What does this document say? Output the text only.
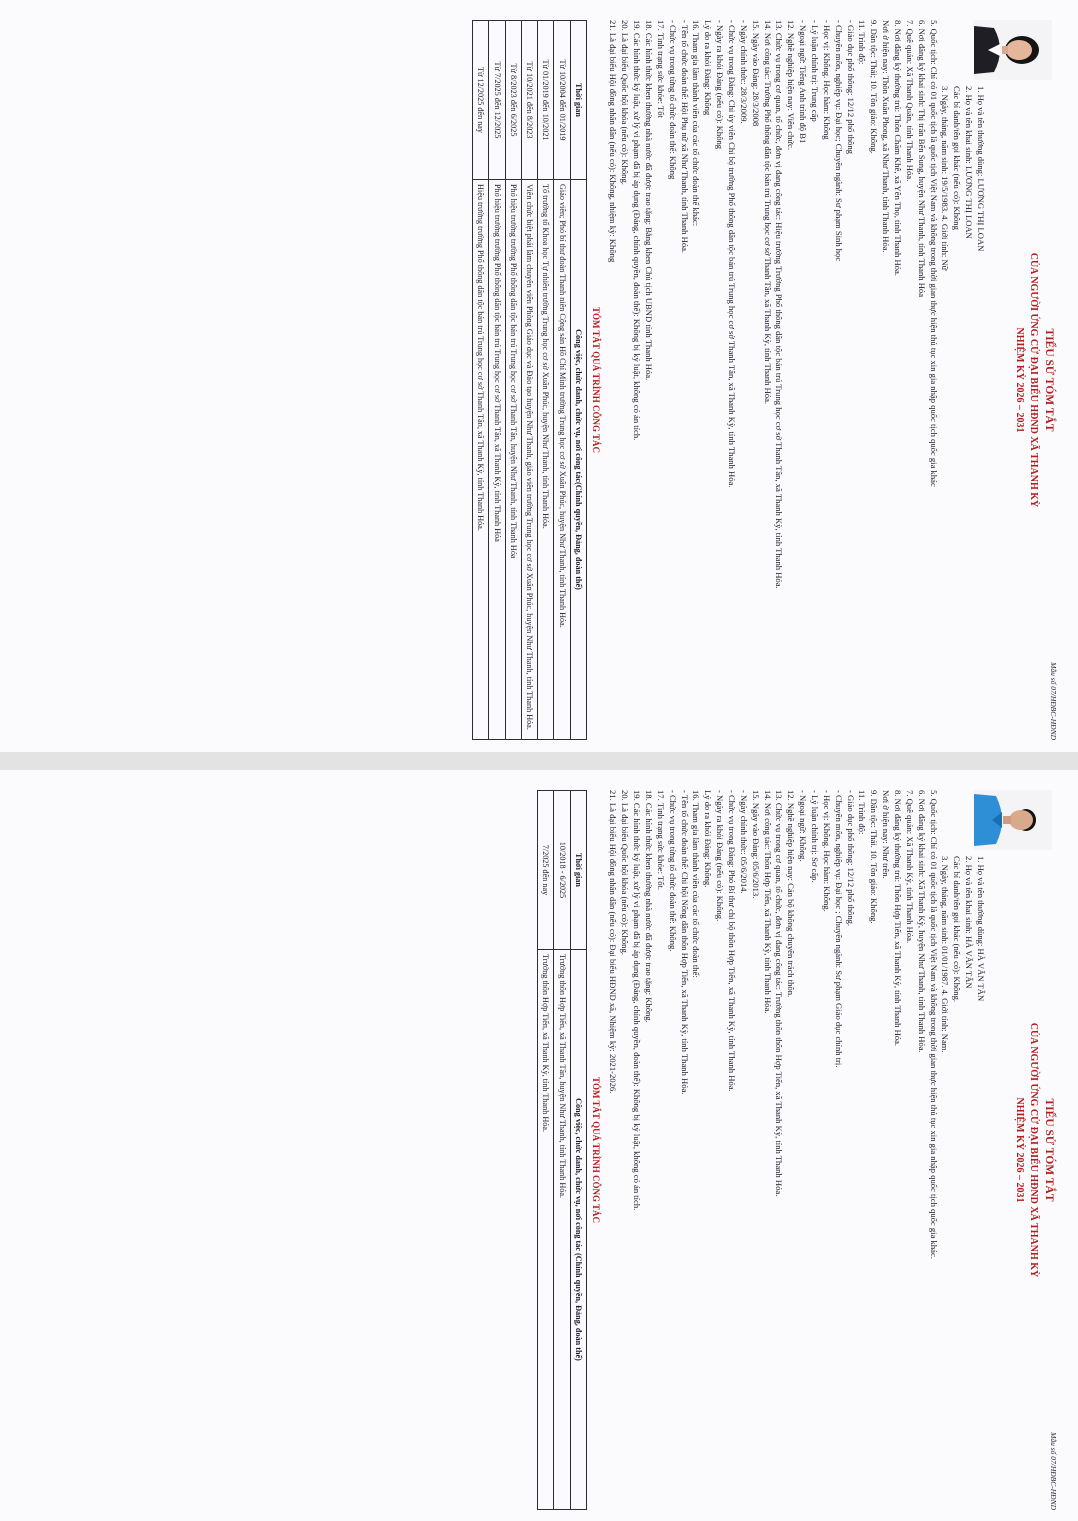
Mẫu số 07/HĐBC-HĐND
TIỂU SỬ TÓM TẮT
CỦA NGƯỜI ỨNG CỬ ĐẠI BIỂU HĐND XÃ THANH KỲ
NHIỆM KỲ 2026 – 2031
1. Họ và tên thường dùng: LƯƠNG THỊ LOAN
2. Họ và tên khai sinh: LƯƠNG THỊ LOAN
Các bí danh/tên gọi khác (nếu có): Không
3. Ngày, tháng, năm sinh: 19/5/1983. 4. Giới tính: Nữ
5. Quốc tịch: Chỉ có 01 quốc tịch là quốc tịch Việt Nam và không trong thời gian thực hiện thủ tục xin gia nhập quốc tịch quốc gia khác
6. Nơi đăng ký khai sinh: Thị trấn Bến Sung, huyện Như Thanh, tỉnh Thanh Hóa
7. Quê quán: Xã Thanh Quân, tỉnh Thanh Hóa.
8. Nơi đăng ký thường trú: Thôn Chăm Khê, xã Yên Thọ, tỉnh Thanh Hóa.
Nơi ở hiện nay: Thôn Xuân Phong, xã Như Thanh, tỉnh Thanh Hóa.
9. Dân tộc: Thái; 10. Tôn giáo: Không.
11. Trình độ:
- Giáo dục phổ thông: 12/12 phổ thông
- Chuyên môn, nghiệp vụ: Đại học; Chuyên ngành: Sư phạm Sinh học
- Học vị: Không. Học hàm: Không
- Lý luận chính trị: Trung cấp
- Ngoại ngữ: Tiếng Anh trình độ B1
12. Nghề nghiệp hiện nay: Viên chức.
13. Chức vụ trong cơ quan, tổ chức, đơn vị đang công tác: Hiệu trưởng Trường Phổ thông dân tộc bán trú Trung học cơ sở Thanh Tân, xã Thanh Kỳ, tỉnh Thanh Hóa.
14. Nơi công tác: Trường Phổ thông dân tộc bán trú Trung học cơ sở Thanh Tân, xã Thanh Kỳ, tỉnh Thanh Hóa.
15. Ngày vào Đảng: 28/3/2008
- Ngày chính thức: 28/3/2009.
- Chức vụ trong Đảng: Chi ủy viên Chi bộ trường Phổ thông dân tộc bán trú Trung học cơ sở Thanh Tân, xã Thanh Kỳ, tỉnh Thanh Hóa.
- Ngày ra khỏi Đảng (nếu có): Không
Lý do ra khỏi Đảng: Không
16. Tham gia làm thành viên của các tổ chức đoàn thể khác:
- Tên tổ chức đoàn thể: Hội Phụ nữ xã Như Thanh, tỉnh Thanh Hóa.
- Chức vụ trong từng tổ chức đoàn thể: Không
17. Tình trạng sức khỏe: Tốt
18. Các hình thức khen thưởng nhà nước đã được trao tặng: Bằng khen Chủ tịch UBND tỉnh Thanh Hóa.
19. Các hình thức kỷ luật, xử lý vi phạm đã bị áp dụng (Đảng, chính quyền, đoàn thể): Không bị kỷ luật, không có án tích.
20. Là đại biểu Quốc hội khóa (nếu có): Không.
21. Là đại biểu Hội đồng nhân dân (nếu có): Không, nhiệm kỳ: Không
TÓM TẮT QUÁ TRÌNH CÔNG TÁC
Thời gian	Công việc, chức danh, chức vụ, nơi công tác(Chính quyền, Đảng, đoàn thể)
Từ 10/2004 đến 01/2019	Giáo viên; Phó bí thư đoàn Thanh niên Cộng sản Hồ Chí Minh trường Trung học cơ sở Xuân Phúc, huyện Như Thanh, tỉnh Thanh Hóa.
Từ 01/2019 đến 10/2021	Tổ trưởng tổ Khoa học Tự nhiên trường Trung học cơ sở Xuân Phúc, huyện Như Thanh, tỉnh Thanh Hóa.
Từ 10/2021 đến 8/2023	Viên chức biệt phái làm chuyên viên Phòng Giáo dục và Đào tạo huyện Như Thanh, giáo viên trường Trung học cơ sở Xuân Phúc, huyện Như Thanh, tỉnh Thanh Hóa.
Từ 8/2023 đến 6/2025	Phó hiệu trưởng trường Phổ thông dân tộc bán trú Trung học cơ sở Thanh Tân, huyện Như Thanh, tỉnh Thanh Hóa
Từ 7/2025 đến 12/2025	Phó hiệu trưởng trường Phổ thông dân tộc bán trú Trung học cơ sở Thanh Tân, xã Thanh Kỳ, tỉnh Thanh Hóa
Từ 12/2025 đến nay	Hiệu trưởng trường Phổ thông dân tộc bán trú Trung học cơ sở Thanh Tân, xã Thanh Kỳ, tỉnh Thanh Hóa.
Mẫu số 07/HĐBC-HĐND
TIỂU SỬ TÓM TẮT
CỦA NGƯỜI ỨNG CỬ ĐẠI BIỂU HĐND XÃ THANH KỲ
NHIỆM KỲ 2026 – 2031
1. Họ và tên thường dùng: HÀ VĂN TÂN
2. Họ và tên khai sinh: HÀ VĂN TÂN
Các bí danh/tên gọi khác (nếu có): Không.
3. Ngày, tháng, năm sinh: 01/01/1987. 4. Giới tính: Nam.
5. Quốc tịch: Chỉ có 01 quốc tịch là quốc tịch Việt Nam và không trong thời gian thực hiện thủ tục xin gia nhập quốc tịch quốc gia khác.
6. Nơi đăng ký khai sinh: Xã Thanh Kỳ, huyện Như Thanh, tỉnh Thanh Hóa.
7. Quê quán: Xã Thanh Kỳ, tỉnh Thanh Hóa.
8. Nơi đăng ký thường trú: Thôn Hợp Tiến, xã Thanh Kỳ, tỉnh Thanh Hóa.
Nơi ở hiện nay: Như trên.
9. Dân tộc: Thái. 10. Tôn giáo: Không.
11. Trình độ:
- Giáo dục phổ thông: 12/12 phổ thông.
- Chuyên môn, nghiệp vụ: Đại học ; Chuyên ngành: Sư phạm Giáo dục chính trị.
- Học vị: Không. Học hàm: Không.
- Lý luận chính trị: Sơ cấp.
- Ngoại ngữ: Không.
12. Nghề nghiệp hiện nay: Cán bộ không chuyên trách thôn.
13. Chức vụ trong cơ quan, tổ chức, đơn vị đang công tác: Trưởng thôn thôn Hợp Tiến, xã Thanh Kỳ, tỉnh Thanh Hóa.
14. Nơi công tác: Thôn Hợp Tiến, xã Thanh Kỳ, tỉnh Thanh Hóa.
15. Ngày vào Đảng: 05/6/2013.
- Ngày chính thức: 05/6/2014.
- Chức vụ trong Đảng: Phó Bí thư chi bộ thôn Hợp Tiến, xã Thanh Kỳ, tỉnh Thanh Hóa.
- Ngày ra khỏi Đảng (nếu có): Không.
Lý do ra khỏi Đảng: Không.
16. Tham gia làm thành viên của các tổ chức đoàn thể:
- Tên tổ chức đoàn thể: Chi hội Nông dân thôn Hợp Tiến, xã Thanh Kỳ, tỉnh Thanh Hóa.
- Chức vụ trong từng tổ chức đoàn thể: Không.
17. Tình trạng sức khỏe: Tốt.
18. Các hình thức khen thưởng nhà nước đã được trao tặng: Không.
19. Các hình thức kỷ luật, xử lý vi phạm đã bị áp dụng (Đảng, chính quyền, đoàn thể): Không bị kỷ luật, không có án tích.
20. Là đại biểu Quốc hội khóa (nếu có): Không.
21. Là đại biểu Hội đồng nhân dân (nếu có): Đại biểu HĐND xã, Nhiệm kỳ: 2021-2026.
TÓM TẮT QUÁ TRÌNH CÔNG TÁC
Thời gian	Công việc, chức danh, chức vụ, nơi công tác (Chính quyền, Đảng, đoàn thể)
10/2018 - 6/2025	Trưởng thôn Hợp Tiến, xã Thanh Tân, huyện Như Thanh, tỉnh Thanh Hóa.
7/2025 đến nay	Trưởng thôn Hợp Tiến, xã Thanh Kỳ, tỉnh Thanh Hóa.
